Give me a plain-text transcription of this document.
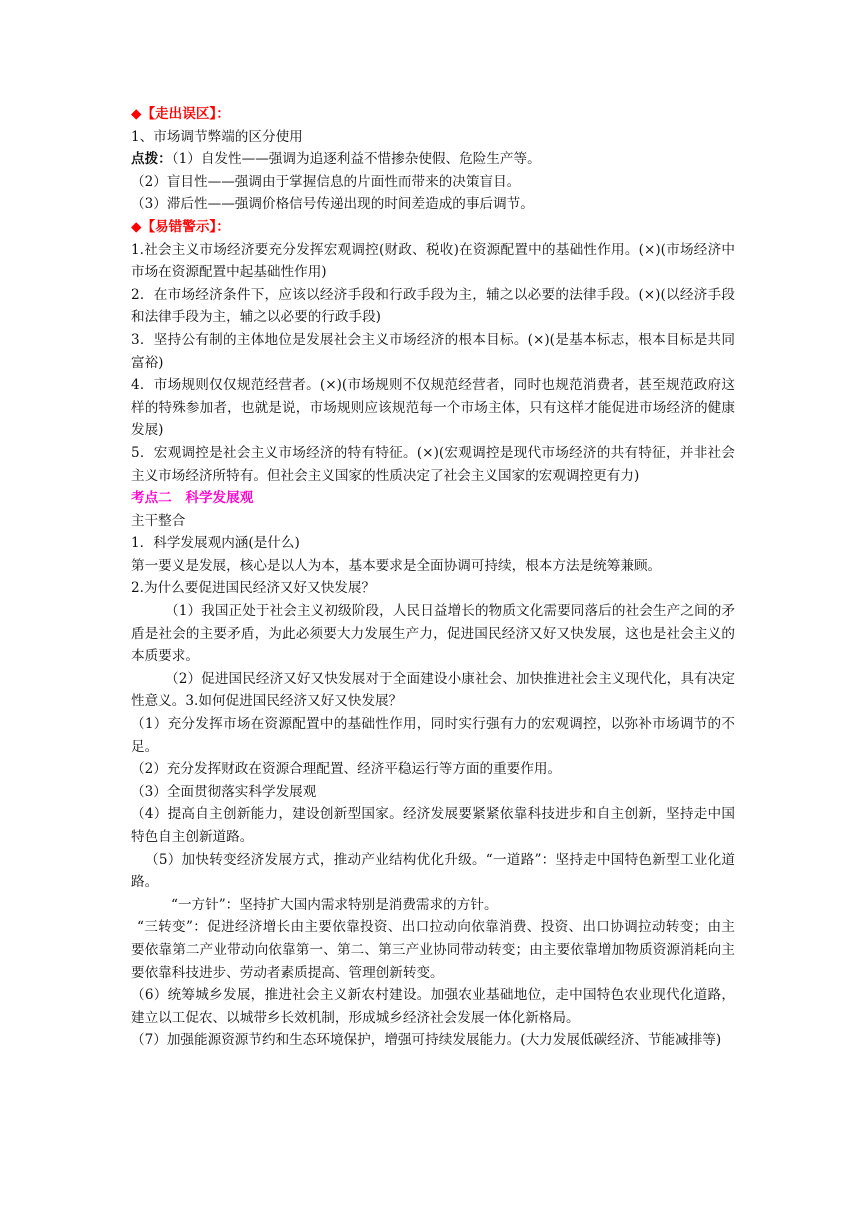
◆【走出误区】：
1、市场调节弊端的区分使用
点拨：（1）自发性——强调为追逐利益不惜掺杂使假、危险生产等。
（2）盲目性——强调由于掌握信息的片面性而带来的决策盲目。
（3）滞后性——强调价格信号传递出现的时间差造成的事后调节。
◆【易错警示】：
1.社会主义市场经济要充分发挥宏观调控(财政、税收)在资源配置中的基础性作用。(×)(市场经济中市场在资源配置中起基础性作用)
2．在市场经济条件下，应该以经济手段和行政手段为主，辅之以必要的法律手段。(×)(以经济手段和法律手段为主，辅之以必要的行政手段)
3．坚持公有制的主体地位是发展社会主义市场经济的根本目标。(×)(是基本标志，根本目标是共同富裕)
4．市场规则仅仅规范经营者。(×)(市场规则不仅规范经营者，同时也规范消费者，甚至规范政府这样的特殊参加者，也就是说，市场规则应该规范每一个市场主体，只有这样才能促进市场经济的健康发展)
5．宏观调控是社会主义市场经济的特有特征。(×)(宏观调控是现代市场经济的共有特征，并非社会主义市场经济所特有。但社会主义国家的性质决定了社会主义国家的宏观调控更有力)
考点二　科学发展观
主干整合
1．科学发展观内涵(是什么)
第一要义是发展，核心是以人为本，基本要求是全面协调可持续，根本方法是统筹兼顾。
2.为什么要促进国民经济又好又快发展？
（1）我国正处于社会主义初级阶段，人民日益增长的物质文化需要同落后的社会生产之间的矛盾是社会的主要矛盾，为此必须要大力发展生产力，促进国民经济又好又快发展，这也是社会主义的本质要求。
（2）促进国民经济又好又快发展对于全面建设小康社会、加快推进社会主义现代化，具有决定性意义。3.如何促进国民经济又好又快发展？
（1）充分发挥市场在资源配置中的基础性作用，同时实行强有力的宏观调控，以弥补市场调节的不足。
（2）充分发挥财政在资源合理配置、经济平稳运行等方面的重要作用。
（3）全面贯彻落实科学发展观
（4）提高自主创新能力，建设创新型国家。经济发展要紧紧依靠科技进步和自主创新，坚持走中国特色自主创新道路。
（5）加快转变经济发展方式，推动产业结构优化升级。“一道路”：坚持走中国特色新型工业化道路。
“一方针”：坚持扩大国内需求特别是消费需求的方针。
“三转变”：促进经济增长由主要依靠投资、出口拉动向依靠消费、投资、出口协调拉动转变；由主要依靠第二产业带动向依靠第一、第二、第三产业协同带动转变；由主要依靠增加物质资源消耗向主要依靠科技进步、劳动者素质提高、管理创新转变。
（6）统筹城乡发展，推进社会主义新农村建设。加强农业基础地位，走中国特色农业现代化道路，建立以工促农、以城带乡长效机制，形成城乡经济社会发展一体化新格局。
（7）加强能源资源节约和生态环境保护，增强可持续发展能力。(大力发展低碳经济、节能减排等)
